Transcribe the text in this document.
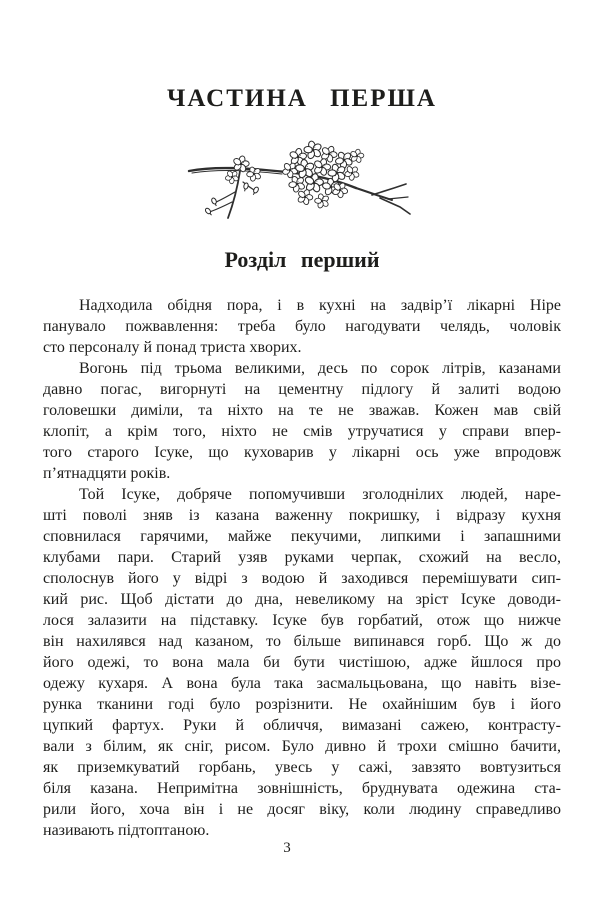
ЧАСТИНА ПЕРША
Розділ перший

Надходила обідня пора, і в кухні на задвір’ї лікарні Ніре
панувало пожвавлення: треба було нагодувати челядь, чоловік
сто персоналу й понад триста хворих.

Вогонь під трьома великими, десь по сорок літрів, казанами
давно погас, вигорнуті на цементну підлогу й залиті водою
головешки диміли, та ніхто на те не зважав. Кожен мав свій
клопіт, а крім того, ніхто не смів утручатися у справи впер-
того старого Ісуке, що куховарив у лікарні ось уже впродовж
п’ятнадцяти років.

Той Ісуке, добряче попомучивши зголоднілих людей, наре-
шті поволі зняв із казана важенну покришку, і відразу кухня
сповнилася гарячими, майже пекучими, липкими і запашними
клубами пари. Старий узяв руками черпак, схожий на весло,
сполоснув його у відрі з водою й заходився перемішувати сип-
кий рис. Щоб дістати до дна, невеликому на зріст Ісуке доводи-
лося залазити на підставку. Ісуке був горбатий, отож що нижче
він нахилявся над казаном, то більше випинався горб. Що ж до
його одежі, то вона мала би бути чистішою, адже йшлося про
одежу кухаря. А вона була така засмальцьована, що навіть візе-
рунка тканини годі було розрізнити. Не охайнішим був і його
цупкий фартух. Руки й обличчя, вимазані сажею, контрасту-
вали з білим, як сніг, рисом. Було дивно й трохи смішно бачити,
як приземкуватий горбань, увесь у сажі, завзято вовтузиться
біля казана. Непримітна зовнішність, бруднувата одежина ста-
рили його, хоча він і не досяг віку, коли людину справедливо
називають підтоптаною.

3
